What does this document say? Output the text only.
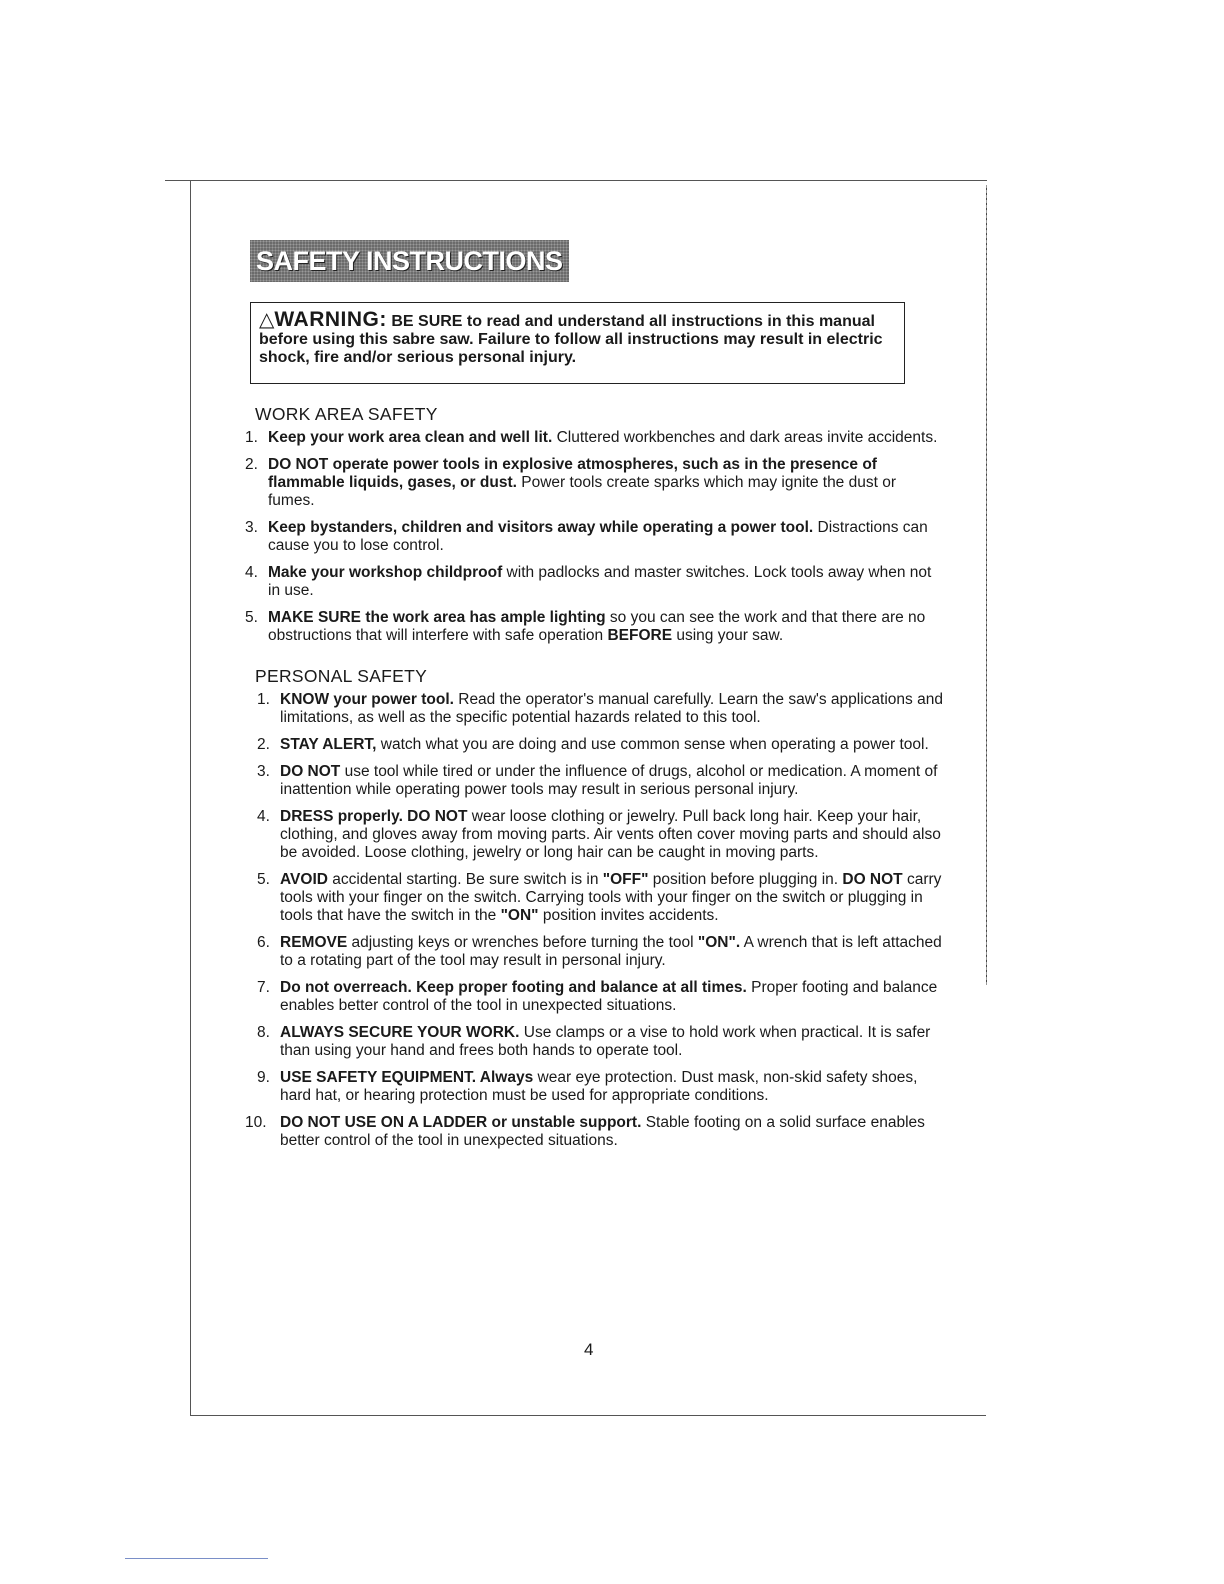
SAFETY INSTRUCTIONS
△WARNING: BE SURE to read and understand all instructions in this manual before using this sabre saw. Failure to follow all instructions may result in electric shock, fire and/or serious personal injury.
WORK AREA SAFETY
1. Keep your work area clean and well lit. Cluttered workbenches and dark areas invite accidents.
2. DO NOT operate power tools in explosive atmospheres, such as in the presence of flammable liquids, gases, or dust. Power tools create sparks which may ignite the dust or fumes.
3. Keep bystanders, children and visitors away while operating a power tool. Distractions can cause you to lose control.
4. Make your workshop childproof with padlocks and master switches. Lock tools away when not in use.
5. MAKE SURE the work area has ample lighting so you can see the work and that there are no obstructions that will interfere with safe operation BEFORE using your saw.
PERSONAL SAFETY
1. KNOW your power tool. Read the operator's manual carefully. Learn the saw's applications and limitations, as well as the specific potential hazards related to this tool.
2. STAY ALERT, watch what you are doing and use common sense when operating a power tool.
3. DO NOT use tool while tired or under the influence of drugs, alcohol or medication. A moment of inattention while operating power tools may result in serious personal injury.
4. DRESS properly. DO NOT wear loose clothing or jewelry. Pull back long hair. Keep your hair, clothing, and gloves away from moving parts. Air vents often cover moving parts and should also be avoided. Loose clothing, jewelry or long hair can be caught in moving parts.
5. AVOID accidental starting. Be sure switch is in "OFF" position before plugging in. DO NOT carry tools with your finger on the switch. Carrying tools with your finger on the switch or plugging in tools that have the switch in the "ON" position invites accidents.
6. REMOVE adjusting keys or wrenches before turning the tool "ON". A wrench that is left attached to a rotating part of the tool may result in personal injury.
7. Do not overreach. Keep proper footing and balance at all times. Proper footing and balance enables better control of the tool in unexpected situations.
8. ALWAYS SECURE YOUR WORK. Use clamps or a vise to hold work when practical. It is safer than using your hand and frees both hands to operate tool.
9. USE SAFETY EQUIPMENT. Always wear eye protection. Dust mask, non-skid safety shoes, hard hat, or hearing protection must be used for appropriate conditions.
10. DO NOT USE ON A LADDER or unstable support. Stable footing on a solid surface enables better control of the tool in unexpected situations.
4
